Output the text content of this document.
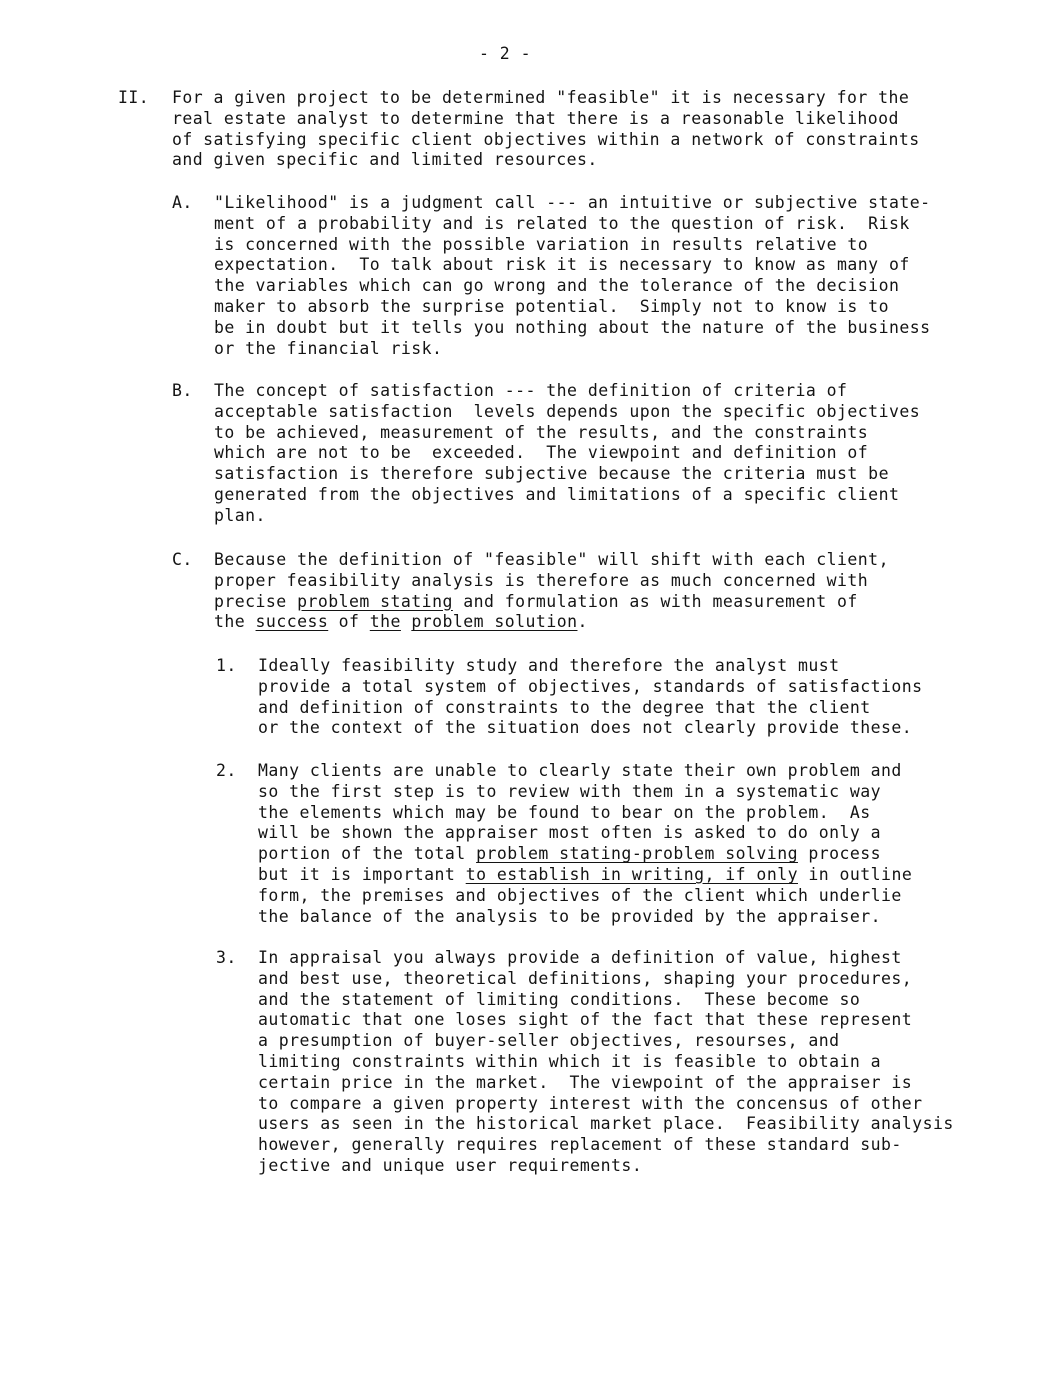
- 2 -
II. For a given project to be determined "feasible" it is necessary for the
real estate analyst to determine that there is a reasonable likelihood
of satisfying specific client objectives within a network of constraints
and given specific and limited resources.
A. "Likelihood" is a judgment call --- an intuitive or subjective state-
ment of a probability and is related to the question of risk.  Risk
is concerned with the possible variation in results relative to
expectation.  To talk about risk it is necessary to know as many of
the variables which can go wrong and the tolerance of the decision
maker to absorb the surprise potential.  Simply not to know is to
be in doubt but it tells you nothing about the nature of the business
or the financial risk.
B. The concept of satisfaction --- the definition of criteria of
acceptable satisfaction  levels depends upon the specific objectives
to be achieved, measurement of the results, and the constraints
which are not to be  exceeded.  The viewpoint and definition of
satisfaction is therefore subjective because the criteria must be
generated from the objectives and limitations of a specific client
plan.
C. Because the definition of "feasible" will shift with each client,
proper feasibility analysis is therefore as much concerned with
precise problem stating and formulation as with measurement of
the success of the problem solution.
1. Ideally feasibility study and therefore the analyst must
provide a total system of objectives, standards of satisfactions
and definition of constraints to the degree that the client
or the context of the situation does not clearly provide these.
2. Many clients are unable to clearly state their own problem and
so the first step is to review with them in a systematic way
the elements which may be found to bear on the problem.  As
will be shown the appraiser most often is asked to do only a
portion of the total problem stating-problem solving process
but it is important to establish in writing, if only in outline
form, the premises and objectives of the client which underlie
the balance of the analysis to be provided by the appraiser.
3. In appraisal you always provide a definition of value, highest
and best use, theoretical definitions, shaping your procedures,
and the statement of limiting conditions.  These become so
automatic that one loses sight of the fact that these represent
a presumption of buyer-seller objectives, resourses, and
limiting constraints within which it is feasible to obtain a
certain price in the market.  The viewpoint of the appraiser is
to compare a given property interest with the concensus of other
users as seen in the historical market place.  Feasibility analysis
however, generally requires replacement of these standard sub-
jective and unique user requirements.
